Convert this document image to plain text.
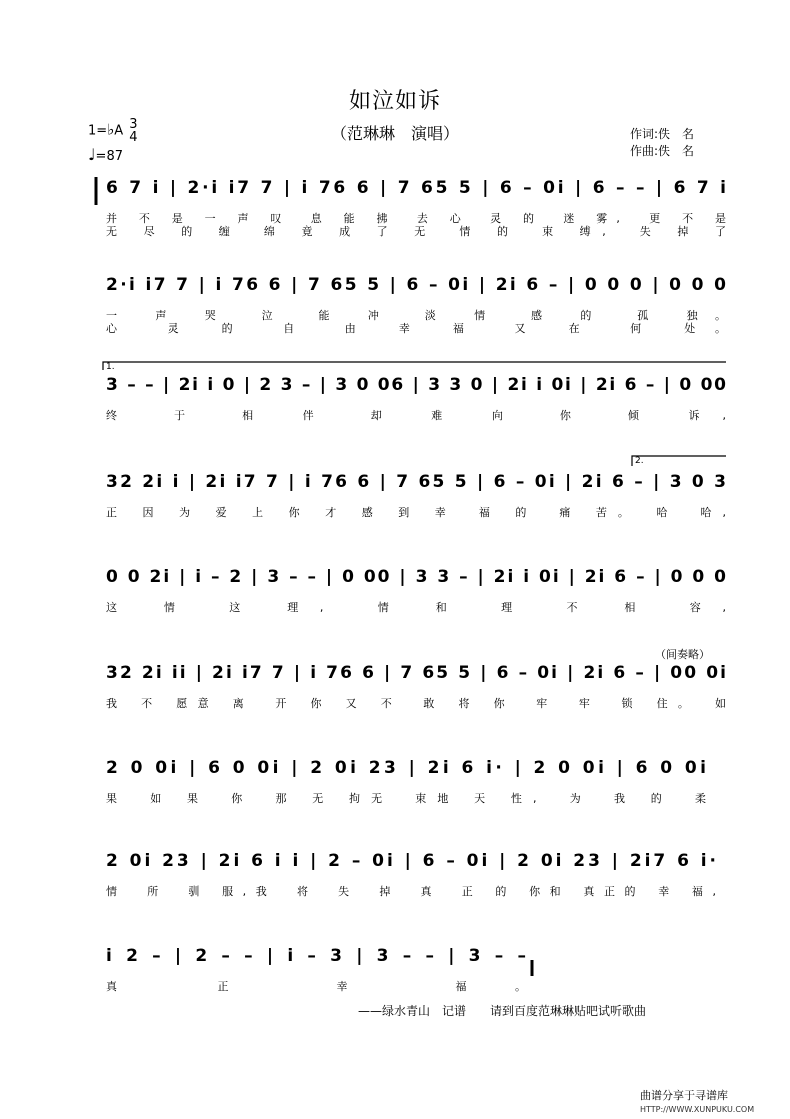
如泣如诉
（范琳琳　演唱）
1=♭A 3
4
♩=87
作词:佚　名
作曲:佚　名
6 7 i | 2·i i7 7 | i 76 6 | 7 65 5 | 6 – 0i | 6 – – | 6 7 i
2·i i7 7 | i 76 6 | 7 65 5 | 6 – 0i | 2i 6 – | 0 0 0 | 0 0 0
3 – – | 2i i 0 | 2 3 – | 3 0 06 | 3 3 0 | 2i i 0i | 2i 6 – | 0 00
32 2i i | 2i i7 7 | i 76 6 | 7 65 5 | 6 – 0i | 2i 6 – | 3 0 3
0 0 2i | i – 2 | 3 – – | 0 00 | 3 3 – | 2i i 0i | 2i 6 – | 0 0 0
32 2i ii | 2i i7 7 | i 76 6 | 7 65 5 | 6 – 0i | 2i 6 – | 00 0i
2 0 0i | 6 0 0i | 2 0i 23 | 2i 6 i· | 2 0 0i | 6 0 0i
2 0i 23 | 2i 6 i i | 2 – 0i | 6 – 0i | 2 0i 23 | 2i7 6 i·
i 2 – | 2 – – | i – 3 | 3 – – | 3 – –
并 不 是 一 声 叹　息 能 拂　去 心　灵 的　迷 雾,　更 不 是
无 尽 的 缠　绵 竟 成 了 无　情 的　束 缚,　失 掉 了
一 声 哭　泣　能 冲　淡 情　感 的　孤 独。
心　灵 的　自　由 幸 福　又 在　何 处。
终　于　相 伴　却 难 向　你　倾 诉,
正 因 为 爱 上 你 才 感 到 幸　福 的　痛 苦。　哈　哈,
这 情　这 理,　情 和　理　不 相　容,
我 不 愿意 离　开 你 又 不　敢 将 你　牢　牢　锁 住。　如
果　如 果　你　那 无 拘无　束地 天 性,　为　我 的　柔
情　所　驯 服,我　将　失　掉　真　正 的 你和 真正的 幸 福,
真 正　幸　福。
1.
2.
（间奏略）
——绿水青山　记谱 请到百度范琳琳贴吧试听歌曲
曲谱分享于寻谱库
HTTP://WWW.XUNPUKU.COM
